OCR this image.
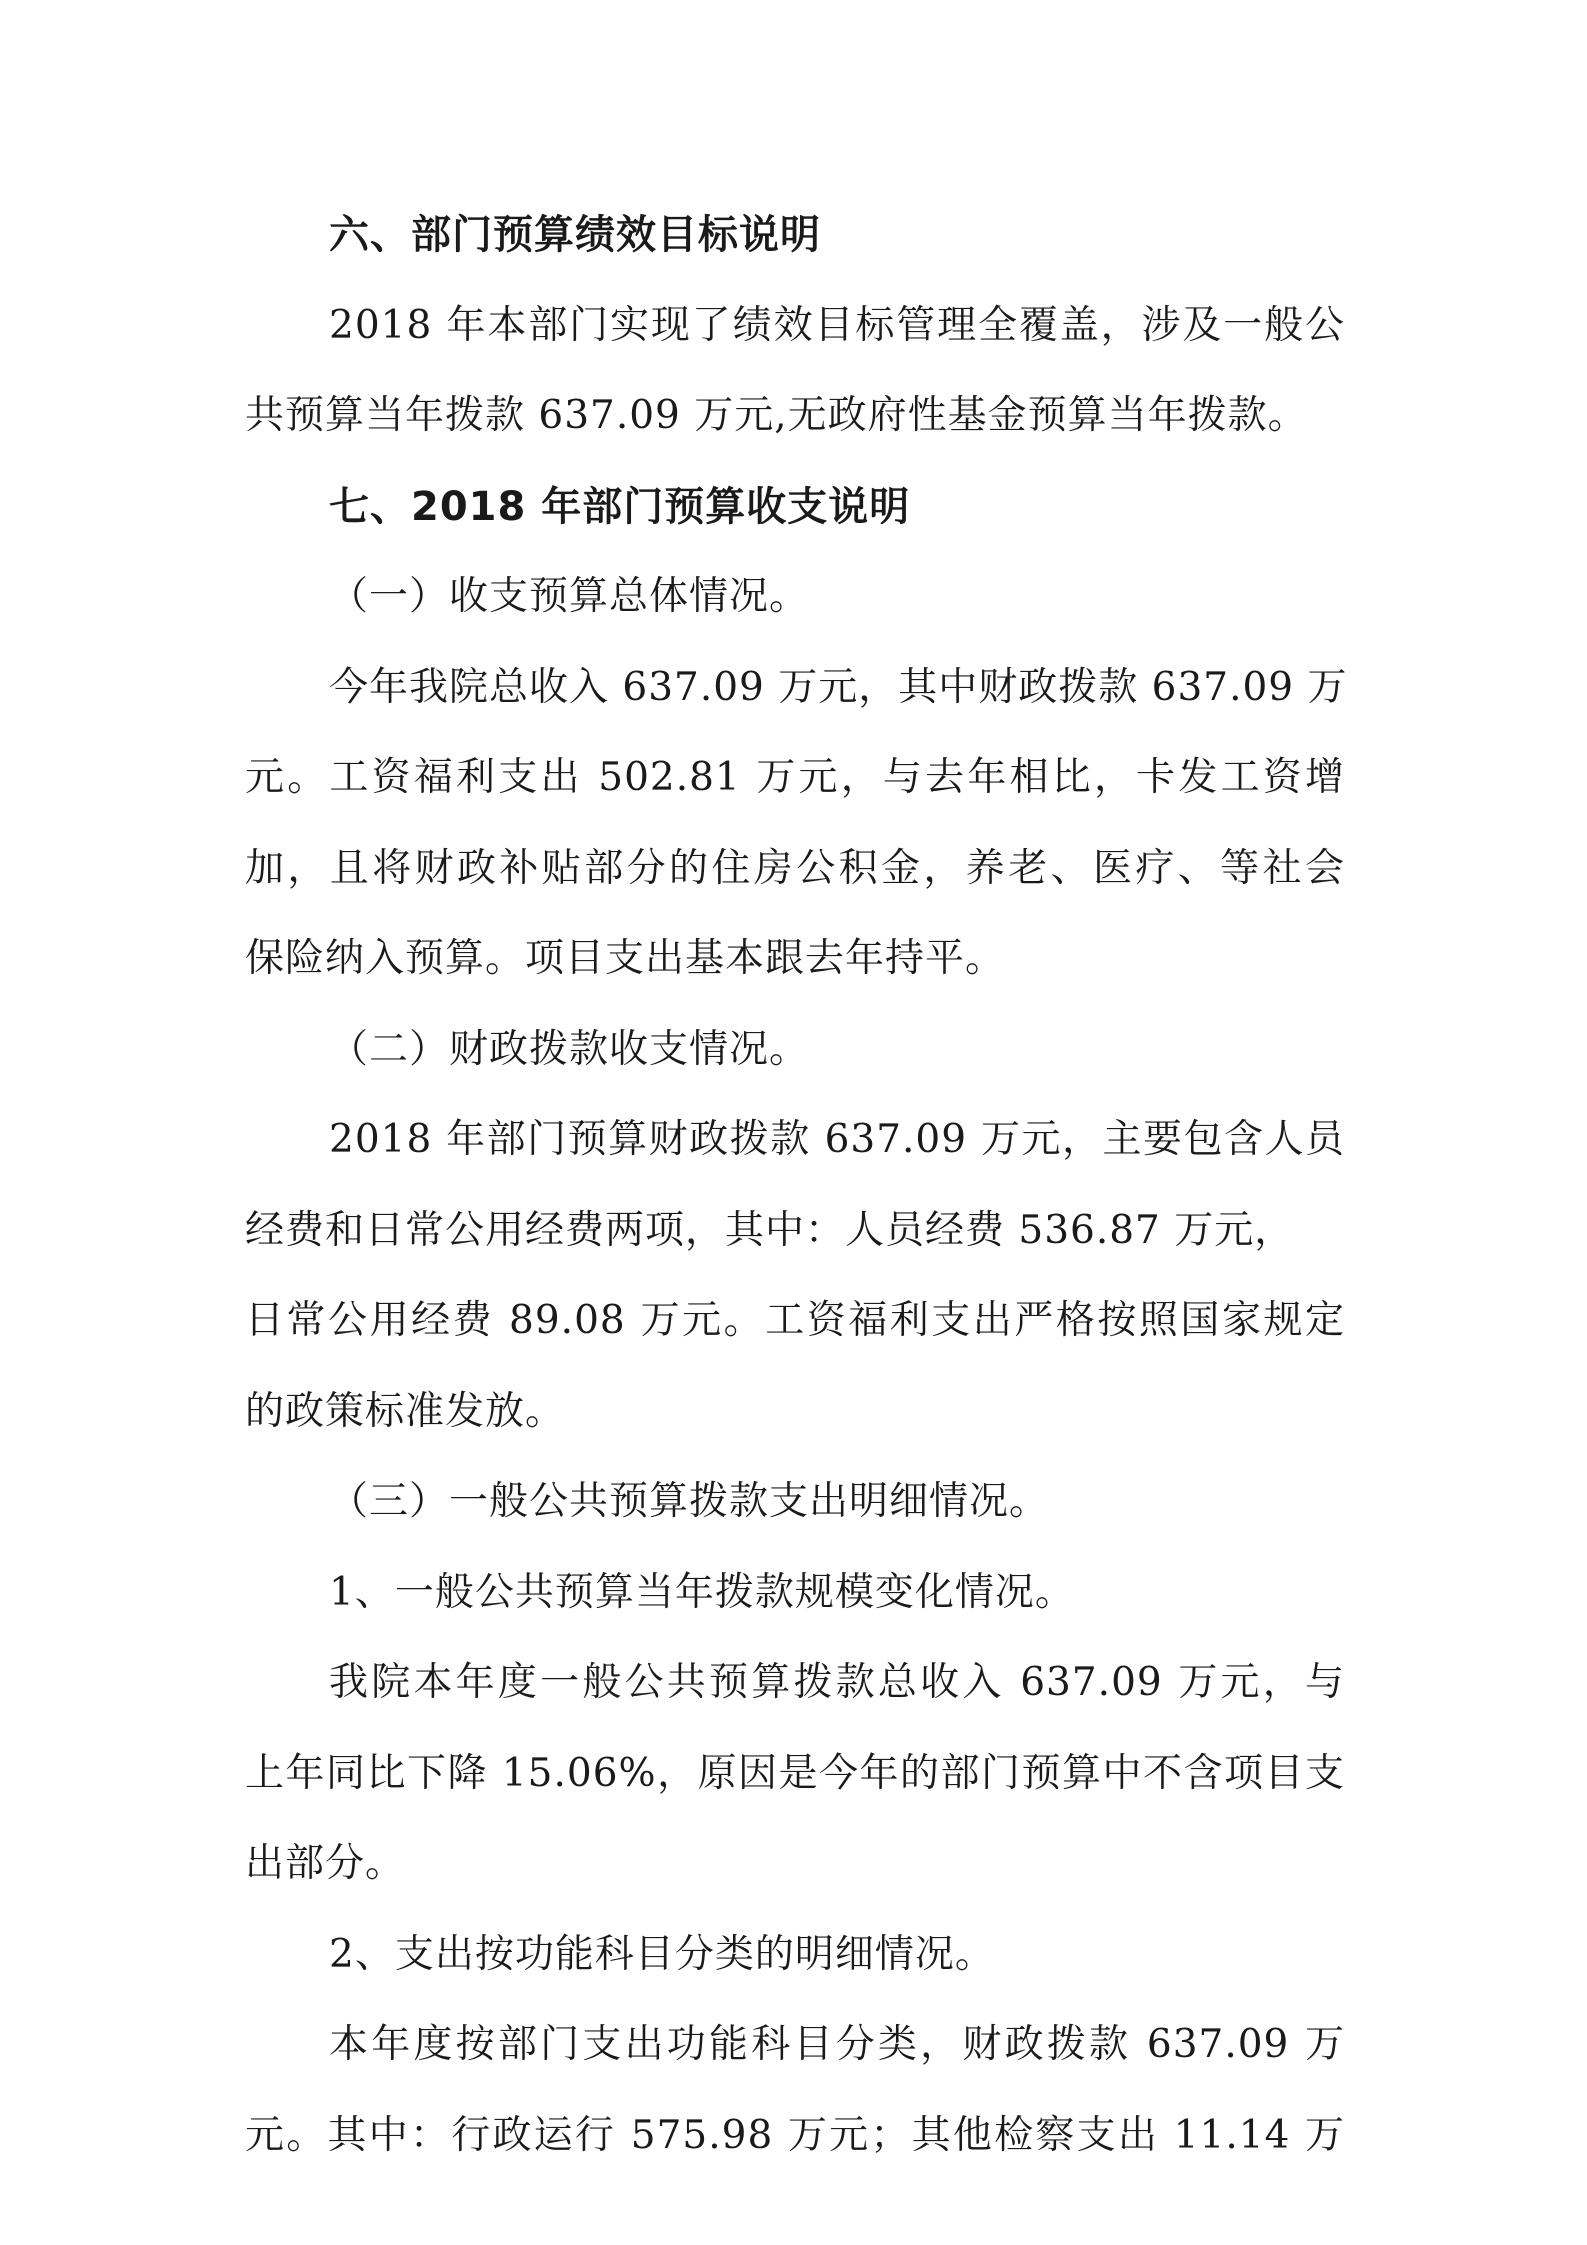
六、部门预算绩效目标说明
2018 年本部门实现了绩效目标管理全覆盖，涉及一般公
共预算当年拨款 637.09 万元,无政府性基金预算当年拨款。
七、2018 年部门预算收支说明
（一）收支预算总体情况。
今年我院总收入 637.09 万元，其中财政拨款 637.09 万
元。工资福利支出 502.81 万元，与去年相比，卡发工资增
加，且将财政补贴部分的住房公积金，养老、医疗、等社会
保险纳入预算。项目支出基本跟去年持平。
（二）财政拨款收支情况。
2018 年部门预算财政拨款 637.09 万元，主要包含人员
经费和日常公用经费两项，其中：人员经费 536.87 万元，
日常公用经费 89.08 万元。工资福利支出严格按照国家规定
的政策标准发放。
（三）一般公共预算拨款支出明细情况。
1、一般公共预算当年拨款规模变化情况。
我院本年度一般公共预算拨款总收入 637.09 万元，与
上年同比下降 15.06%，原因是今年的部门预算中不含项目支
出部分。
2、支出按功能科目分类的明细情况。
本年度按部门支出功能科目分类，财政拨款 637.09 万
元。其中：行政运行 575.98 万元；其他检察支出 11.14 万
